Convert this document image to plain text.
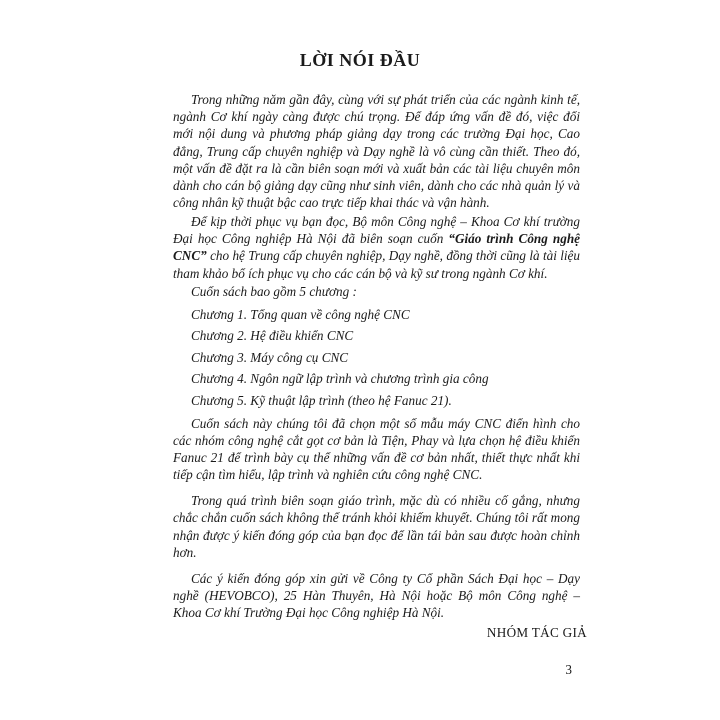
LỜI NÓI ĐẦU

Trong những năm gần đây, cùng với sự phát triển của các ngành kinh tế, ngành Cơ khí ngày càng được chú trọng. Để đáp ứng vấn đề đó, việc đổi mới nội dung và phương pháp giảng dạy trong các trường Đại học, Cao đẳng, Trung cấp chuyên nghiệp và Dạy nghề là vô cùng cần thiết. Theo đó, một vấn đề đặt ra là cần biên soạn mới và xuất bản các tài liệu chuyên môn dành cho cán bộ giảng dạy cũng như sinh viên, dành cho các nhà quản lý và công nhân kỹ thuật bậc cao trực tiếp khai thác và vận hành.

Để kịp thời phục vụ bạn đọc, Bộ môn Công nghệ – Khoa Cơ khí trường Đại học Công nghiệp Hà Nội đã biên soạn cuốn “Giáo trình Công nghệ CNC” cho hệ Trung cấp chuyên nghiệp, Dạy nghề, đồng thời cũng là tài liệu tham khảo bổ ích phục vụ cho các cán bộ và kỹ sư trong ngành Cơ khí.

Cuốn sách bao gồm 5 chương :

Chương 1. Tổng quan về công nghệ CNC
Chương 2. Hệ điều khiển CNC
Chương 3. Máy công cụ CNC
Chương 4. Ngôn ngữ lập trình và chương trình gia công
Chương 5. Kỹ thuật lập trình (theo hệ Fanuc 21).

Cuốn sách này chúng tôi đã chọn một số mẫu máy CNC điển hình cho các nhóm công nghệ cắt gọt cơ bản là Tiện, Phay và lựa chọn hệ điều khiển Fanuc 21 để trình bày cụ thể những vấn đề cơ bản nhất, thiết thực nhất khi tiếp cận tìm hiểu, lập trình và nghiên cứu công nghệ CNC.

Trong quá trình biên soạn giáo trình, mặc dù có nhiều cố gắng, nhưng chắc chắn cuốn sách không thể tránh khỏi khiếm khuyết. Chúng tôi rất mong nhận được ý kiến đóng góp của bạn đọc để lần tái bản sau được hoàn chỉnh hơn.

Các ý kiến đóng góp xin gửi về Công ty Cổ phần Sách Đại học – Dạy nghề (HEVOBCO), 25 Hàn Thuyên, Hà Nội hoặc Bộ môn Công nghệ – Khoa Cơ khí Trường Đại học Công nghiệp Hà Nội.

NHÓM TÁC GIẢ
3
